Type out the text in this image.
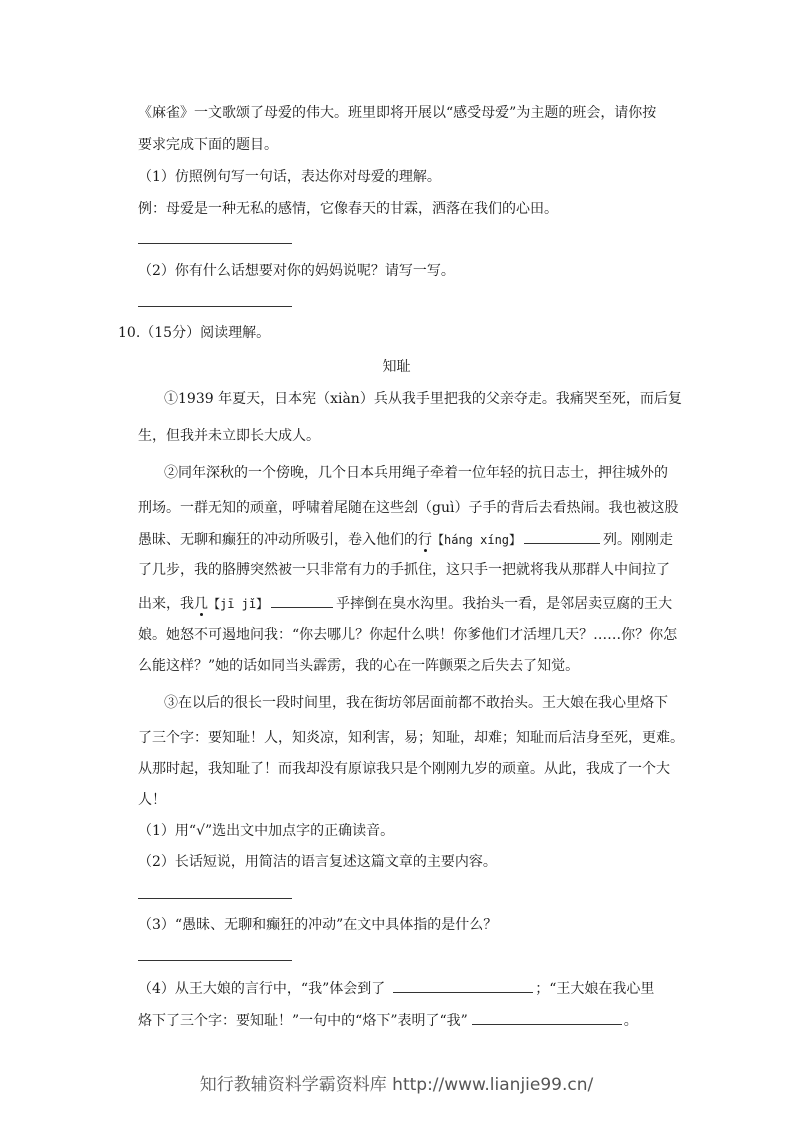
《麻雀》一文歌颂了母爱的伟大。班里即将开展以“感受母爱”为主题的班会，请你按
要求完成下面的题目。
（1）仿照例句写一句话，表达你对母爱的理解。
例：母爱是一种无私的感情，它像春天的甘霖，洒落在我们的心田。
（2）你有什么话想要对你的妈妈说呢？请写一写。
10.（15分）阅读理解。
知耻
①1939 年夏天，日本宪（xiàn）兵从我手里把我的父亲夺走。我痛哭至死，而后复
生，但我并未立即长大成人。
②同年深秋的一个傍晚，几个日本兵用绳子牵着一位年轻的抗日志士，押往城外的
刑场。一群无知的顽童，呼啸着尾随在这些刽（guì）子手的背后去看热闹。我也被这股
愚昧、无聊和癫狂的冲动所吸引，卷入他们的行【háng xíng】	列。刚刚走
了几步，我的胳膊突然被一只非常有力的手抓住，这只手一把就将我从那群人中间拉了
出来，我几【jī jǐ】	乎摔倒在臭水沟里。我抬头一看，是邻居卖豆腐的王大
娘。她怒不可遏地问我：“你去哪儿？你起什么哄！你爹他们才活埋几天？……你？你怎
么能这样？”她的话如同当头霹雳，我的心在一阵颤栗之后失去了知觉。
③在以后的很长一段时间里，我在街坊邻居面前都不敢抬头。王大娘在我心里烙下
了三个字：要知耻！人，知炎凉，知利害，易；知耻，却难；知耻而后洁身至死，更难。
从那时起，我知耻了！而我却没有原谅我只是个刚刚九岁的顽童。从此，我成了一个大
人！
（1）用“√”选出文中加点字的正确读音。
（2）长话短说，用简洁的语言复述这篇文章的主要内容。
（3）“愚昧、无聊和癫狂的冲动”在文中具体指的是什么？
（4）从王大娘的言行中，“我”体会到了	；“王大娘在我心里
烙下了三个字：要知耻！”一句中的“烙下”表明了“我”	。
知行教辅资料学霸资料库 http://www.lianjie99.cn/
